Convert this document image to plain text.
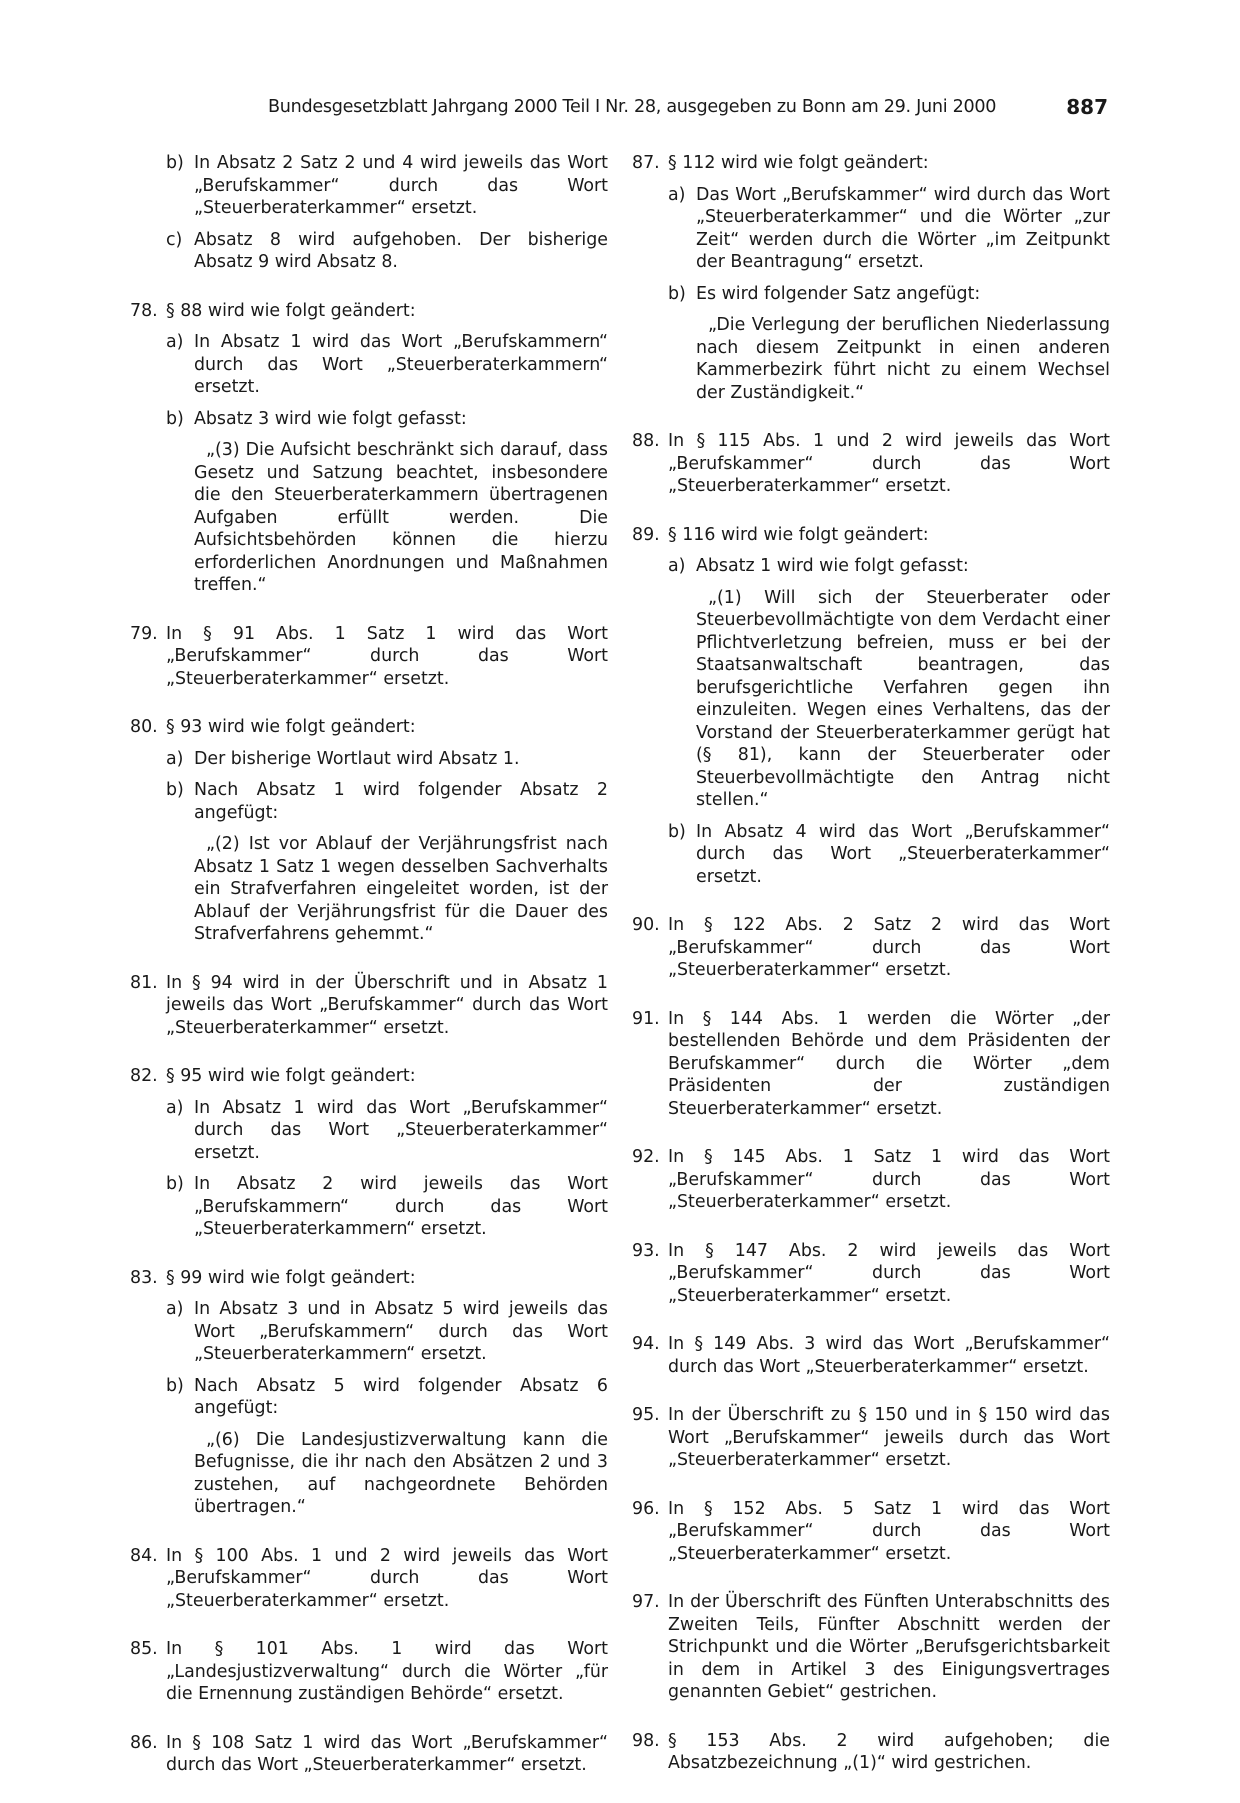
Bundesgesetzblatt Jahrgang 2000 Teil I Nr. 28, ausgegeben zu Bonn am 29. Juni 2000	887
b) In Absatz 2 Satz 2 und 4 wird jeweils das Wort „Berufskammer“ durch das Wort „Steuerberaterkammer“ ersetzt.
c) Absatz 8 wird aufgehoben. Der bisherige Absatz 9 wird Absatz 8.
78. § 88 wird wie folgt geändert:
a) In Absatz 1 wird das Wort „Berufskammern“ durch das Wort „Steuerberaterkammern“ ersetzt.
b) Absatz 3 wird wie folgt gefasst:
„(3) Die Aufsicht beschränkt sich darauf, dass Gesetz und Satzung beachtet, insbesondere die den Steuerberaterkammern übertragenen Aufgaben erfüllt werden. Die Aufsichtsbehörden können die hierzu erforderlichen Anordnungen und Maßnahmen treffen.“
79. In § 91 Abs. 1 Satz 1 wird das Wort „Berufskammer“ durch das Wort „Steuerberaterkammer“ ersetzt.
80. § 93 wird wie folgt geändert:
a) Der bisherige Wortlaut wird Absatz 1.
b) Nach Absatz 1 wird folgender Absatz 2 angefügt:
„(2) Ist vor Ablauf der Verjährungsfrist nach Absatz 1 Satz 1 wegen desselben Sachverhalts ein Strafverfahren eingeleitet worden, ist der Ablauf der Verjährungsfrist für die Dauer des Strafverfahrens gehemmt.“
81. In § 94 wird in der Überschrift und in Absatz 1 jeweils das Wort „Berufskammer“ durch das Wort „Steuerberaterkammer“ ersetzt.
82. § 95 wird wie folgt geändert:
a) In Absatz 1 wird das Wort „Berufskammer“ durch das Wort „Steuerberaterkammer“ ersetzt.
b) In Absatz 2 wird jeweils das Wort „Berufskammern“ durch das Wort „Steuerberaterkammern“ ersetzt.
83. § 99 wird wie folgt geändert:
a) In Absatz 3 und in Absatz 5 wird jeweils das Wort „Berufskammern“ durch das Wort „Steuerberaterkammern“ ersetzt.
b) Nach Absatz 5 wird folgender Absatz 6 angefügt:
„(6) Die Landesjustizverwaltung kann die Befugnisse, die ihr nach den Absätzen 2 und 3 zustehen, auf nachgeordnete Behörden übertragen.“
84. In § 100 Abs. 1 und 2 wird jeweils das Wort „Berufskammer“ durch das Wort „Steuerberaterkammer“ ersetzt.
85. In § 101 Abs. 1 wird das Wort „Landesjustizverwaltung“ durch die Wörter „für die Ernennung zuständigen Behörde“ ersetzt.
86. In § 108 Satz 1 wird das Wort „Berufskammer“ durch das Wort „Steuerberaterkammer“ ersetzt.
87. § 112 wird wie folgt geändert:
a) Das Wort „Berufskammer“ wird durch das Wort „Steuerberaterkammer“ und die Wörter „zur Zeit“ werden durch die Wörter „im Zeitpunkt der Beantragung“ ersetzt.
b) Es wird folgender Satz angefügt:
„Die Verlegung der beruflichen Niederlassung nach diesem Zeitpunkt in einen anderen Kammerbezirk führt nicht zu einem Wechsel der Zuständigkeit.“
88. In § 115 Abs. 1 und 2 wird jeweils das Wort „Berufskammer“ durch das Wort „Steuerberaterkammer“ ersetzt.
89. § 116 wird wie folgt geändert:
a) Absatz 1 wird wie folgt gefasst:
„(1) Will sich der Steuerberater oder Steuerbevollmächtigte von dem Verdacht einer Pflichtverletzung befreien, muss er bei der Staatsanwaltschaft beantragen, das berufsgerichtliche Verfahren gegen ihn einzuleiten. Wegen eines Verhaltens, das der Vorstand der Steuerberaterkammer gerügt hat (§ 81), kann der Steuerberater oder Steuerbevollmächtigte den Antrag nicht stellen.“
b) In Absatz 4 wird das Wort „Berufskammer“ durch das Wort „Steuerberaterkammer“ ersetzt.
90. In § 122 Abs. 2 Satz 2 wird das Wort „Berufskammer“ durch das Wort „Steuerberaterkammer“ ersetzt.
91. In § 144 Abs. 1 werden die Wörter „der bestellenden Behörde und dem Präsidenten der Berufskammer“ durch die Wörter „dem Präsidenten der zuständigen Steuerberaterkammer“ ersetzt.
92. In § 145 Abs. 1 Satz 1 wird das Wort „Berufskammer“ durch das Wort „Steuerberaterkammer“ ersetzt.
93. In § 147 Abs. 2 wird jeweils das Wort „Berufskammer“ durch das Wort „Steuerberaterkammer“ ersetzt.
94. In § 149 Abs. 3 wird das Wort „Berufskammer“ durch das Wort „Steuerberaterkammer“ ersetzt.
95. In der Überschrift zu § 150 und in § 150 wird das Wort „Berufskammer“ jeweils durch das Wort „Steuerberaterkammer“ ersetzt.
96. In § 152 Abs. 5 Satz 1 wird das Wort „Berufskammer“ durch das Wort „Steuerberaterkammer“ ersetzt.
97. In der Überschrift des Fünften Unterabschnitts des Zweiten Teils, Fünfter Abschnitt werden der Strichpunkt und die Wörter „Berufsgerichtsbarkeit in dem in Artikel 3 des Einigungsvertrages genannten Gebiet“ gestrichen.
98. § 153 Abs. 2 wird aufgehoben; die Absatzbezeichnung „(1)“ wird gestrichen.
